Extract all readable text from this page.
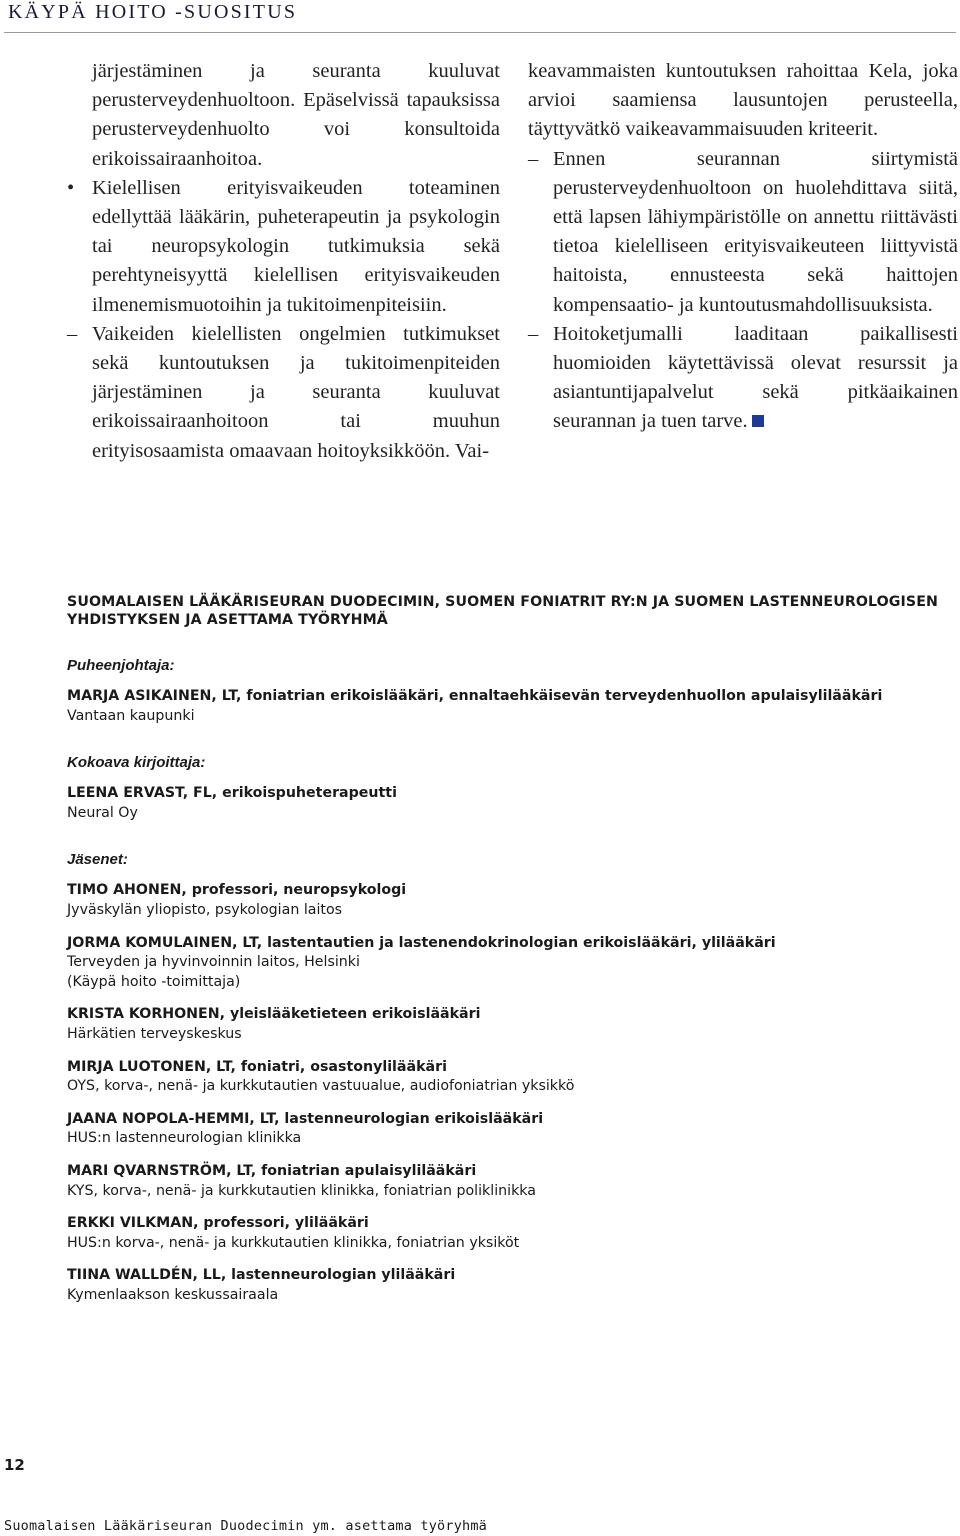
KÄYPÄ HOITO -SUOSITUS

järjestäminen ja seuranta kuuluvat perusterveydenhuoltoon. Epäselvissä tapauksissa perusterveydenhuolto voi konsultoida erikoissairaanhoitoa.

• Kielellisen erityisvaikeuden toteaminen edellyttää lääkärin, puheterapeutin ja psykologin tai neuropsykologin tutkimuksia sekä perehtyneisyyttä kielellisen erityisvaikeuden ilmenemismuotoihin ja tukitoimenpiteisiin.

– Vaikeiden kielellisten ongelmien tutkimukset sekä kuntoutuksen ja tukitoimenpiteiden järjestäminen ja seuranta kuuluvat erikoissairaanhoitoon tai muuhun erityisosaamista omaavaan hoitoyksikköön. Vai-

keavammaisten kuntoutuksen rahoittaa Kela, joka arvioi saamiensa lausuntojen perusteella, täyttyvätkö vaikeavammaisuuden kriteerit.

– Ennen seurannan siirtymistä perusterveydenhuoltoon on huolehdittava siitä, että lapsen lähiympäristölle on annettu riittävästi tietoa kielelliseen erityisvaikeuteen liittyvistä haitoista, ennusteesta sekä haittojen kompensaatio- ja kuntoutusmahdollisuuksista.

– Hoitoketjumalli laaditaan paikallisesti huomioiden käytettävissä olevat resurssit ja asiantuntijapalvelut sekä pitkäaikainen seurannan ja tuen tarve.

SUOMALAISEN LÄÄKÄRISEURAN DUODECIMIN, SUOMEN FONIATRIT RY:N JA SUOMEN LASTENNEUROLOGISEN YHDISTYKSEN JA ASETTAMA TYÖRYHMÄ
Puheenjohtaja:
MARJA ASIKAINEN, LT, foniatrian erikoislääkäri, ennaltaehkäisevän terveydenhuollon apulaisylilääkäri
Vantaan kaupunki
Kokoava kirjoittaja:
LEENA ERVAST, FL, erikoispuheterapeutti
Neural Oy
Jäsenet:
TIMO AHONEN, professori, neuropsykologi
Jyväskylän yliopisto, psykologian laitos
JORMA KOMULAINEN, LT, lastentautien ja lastenendokrinologian erikoislääkäri, ylilääkäri
Terveyden ja hyvinvoinnin laitos, Helsinki
(Käypä hoito -toimittaja)
KRISTA KORHONEN, yleislääketieteen erikoislääkäri
Härkätien terveyskeskus
MIRJA LUOTONEN, LT, foniatri, osastonylilääkäri
OYS, korva-, nenä- ja kurkkutautien vastuualue, audiofoniatrian yksikkö
JAANA NOPOLA-HEMMI, LT, lastenneurologian erikoislääkäri
HUS:n lastenneurologian klinikka
MARI QVARNSTRÖM, LT, foniatrian apulaisylilääkäri
KYS, korva-, nenä- ja kurkkutautien klinikka, foniatrian poliklinikka
ERKKI VILKMAN, professori, ylilääkäri
HUS:n korva-, nenä- ja kurkkutautien klinikka, foniatrian yksiköt
TIINA WALLDÉN, LL, lastenneurologian ylilääkäri
Kymenlaakson keskussairaala
12
Suomalaisen Lääkäriseuran Duodecimin ym. asettama työryhmä
